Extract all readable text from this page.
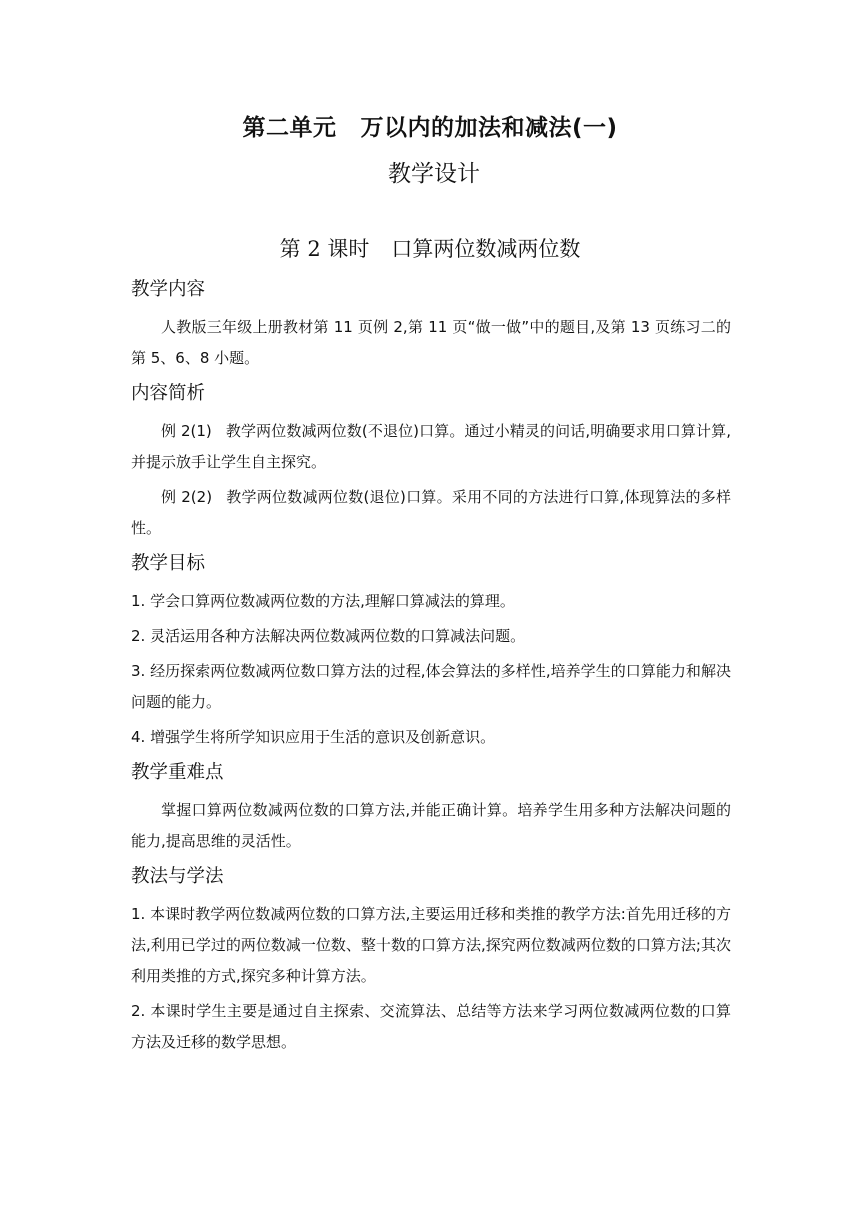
第二单元 万以内的加法和减法(一)
教学设计
第 2 课时 口算两位数减两位数
教学内容
人教版三年级上册教材第 11 页例 2,第 11 页“做一做”中的题目,及第 13 页练习二的第 5、6、8 小题。
内容简析
例 2(1) 教学两位数减两位数(不退位)口算。通过小精灵的问话,明确要求用口算计算,并提示放手让学生自主探究。
例 2(2) 教学两位数减两位数(退位)口算。采用不同的方法进行口算,体现算法的多样性。
教学目标
1. 学会口算两位数减两位数的方法,理解口算减法的算理。
2. 灵活运用各种方法解决两位数减两位数的口算减法问题。
3. 经历探索两位数减两位数口算方法的过程,体会算法的多样性,培养学生的口算能力和解决问题的能力。
4. 增强学生将所学知识应用于生活的意识及创新意识。
教学重难点
掌握口算两位数减两位数的口算方法,并能正确计算。培养学生用多种方法解决问题的能力,提高思维的灵活性。
教法与学法
1. 本课时教学两位数减两位数的口算方法,主要运用迁移和类推的教学方法:首先用迁移的方法,利用已学过的两位数减一位数、整十数的口算方法,探究两位数减两位数的口算方法;其次利用类推的方式,探究多种计算方法。
2. 本课时学生主要是通过自主探索、交流算法、总结等方法来学习两位数减两位数的口算方法及迁移的数学思想。
